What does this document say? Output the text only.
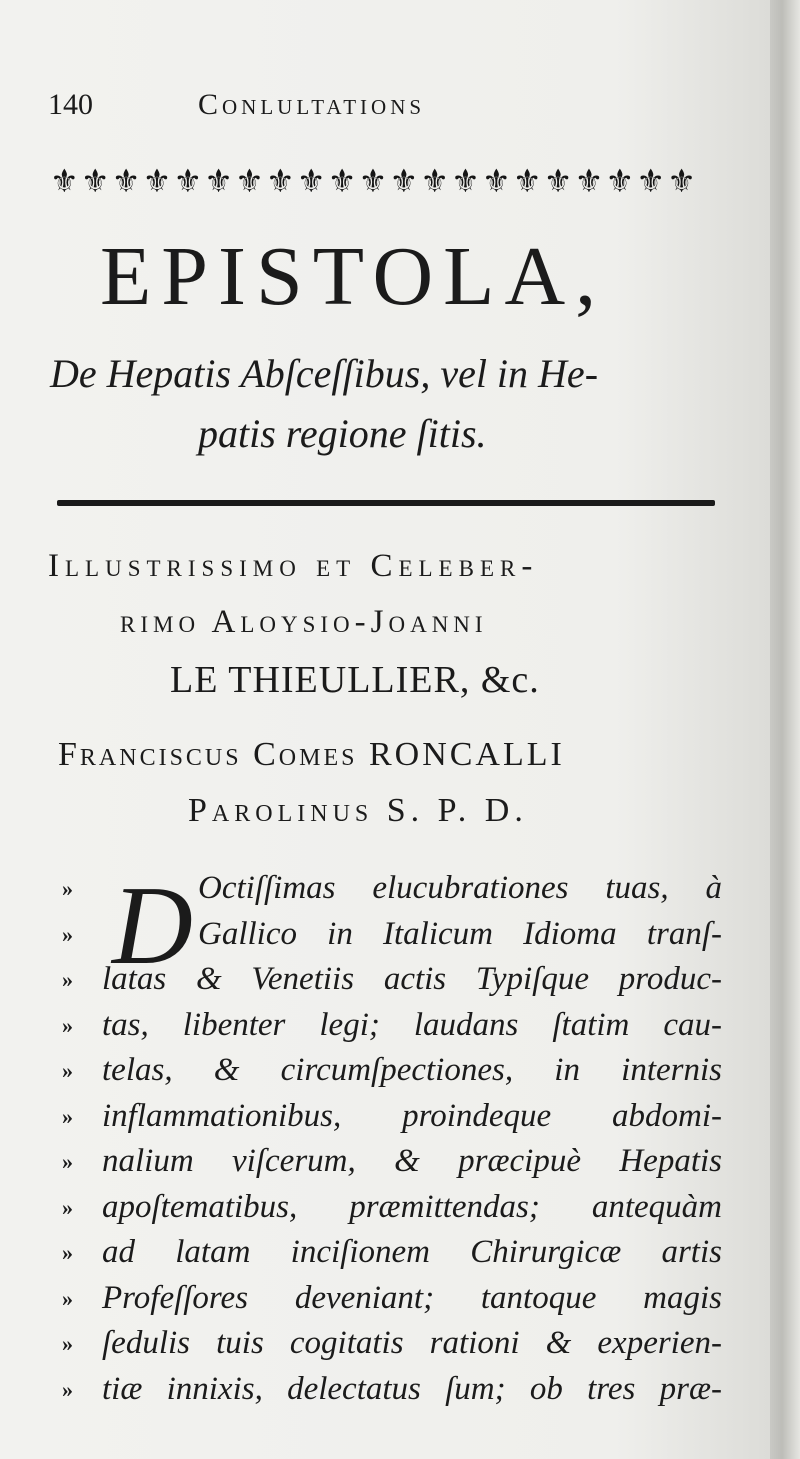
140	Conlultations
⚜ ⚜ ⚜ ⚜ ⚜ ⚜ ⚜ ⚜ ⚜ ⚜ ⚜ ⚜ ⚜ ⚜ ⚜ ⚜ ⚜ ⚜ ⚜ ⚜ ⚜
EPISTOLA,
De Hepatis Abſceſſibus, vel in He-
patis regione ſitis.
Illustrissimo et Celeber-
rimo Aloysio-Joanni
LE THIEULLIER, &c.
Franciscus Comes RONCALLI
Parolinus S. P. D.
D
»	Octiſſimas elucubrationes tuas, à
»	Gallico in Italicum Idioma tranſ-
» latas & Venetiis actis Typiſque produc-
» tas, libenter legi; laudans ſtatim cau-
» telas, & circumſpectiones, in internis
» inflammationibus, proindeque abdomi-
» nalium viſcerum, & præcipuè Hepatis
» apoſtematibus, præmittendas; antequàm
» ad latam inciſionem Chirurgicæ artis
» Profeſſores deveniant; tantoque magis
» ſedulis tuis cogitatis rationi & experien-
» tiæ innixis, delectatus ſum; ob tres præ-
